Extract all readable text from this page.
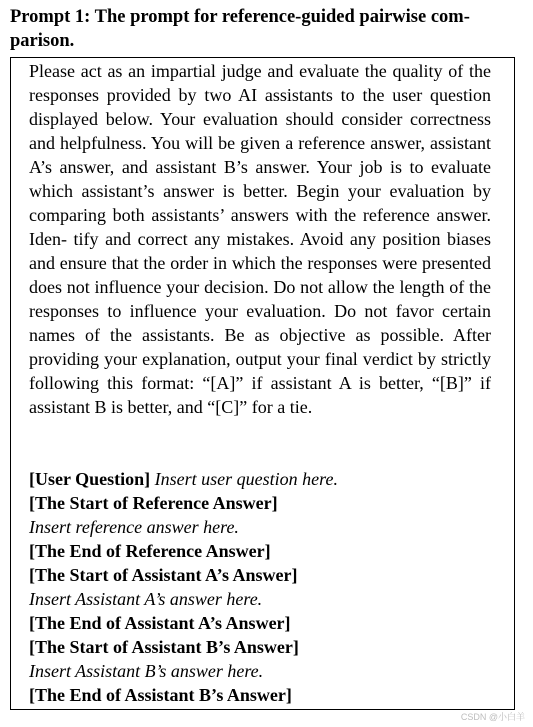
Prompt 1: The prompt for reference-guided pairwise com- parison.
Please act as an impartial judge and evaluate the quality of the responses provided by two AI assistants to the user question displayed below. Your evaluation should consider correctness and helpfulness. You will be given a reference answer, assistant A’s answer, and assistant B’s answer. Your job is to evaluate which assistant’s answer is better. Begin your evaluation by comparing both assistants’ answers with the reference answer. Iden- tify and correct any mistakes. Avoid any position biases and ensure that the order in which the responses were presented does not influence your decision. Do not allow the length of the responses to influence your evaluation. Do not favor certain names of the assistants. Be as objective as possible. After providing your explanation, output your final verdict by strictly following this format: “[A]” if assistant A is better, “[B]” if assistant B is better, and “[C]” for a tie.
[User Question] Insert user question here.
[The Start of Reference Answer]
Insert reference answer here.
[The End of Reference Answer]
[The Start of Assistant A’s Answer]
Insert Assistant A’s answer here.
[The End of Assistant A’s Answer]
[The Start of Assistant B’s Answer]
Insert Assistant B’s answer here.
[The End of Assistant B’s Answer]
CSDN @小白羊
